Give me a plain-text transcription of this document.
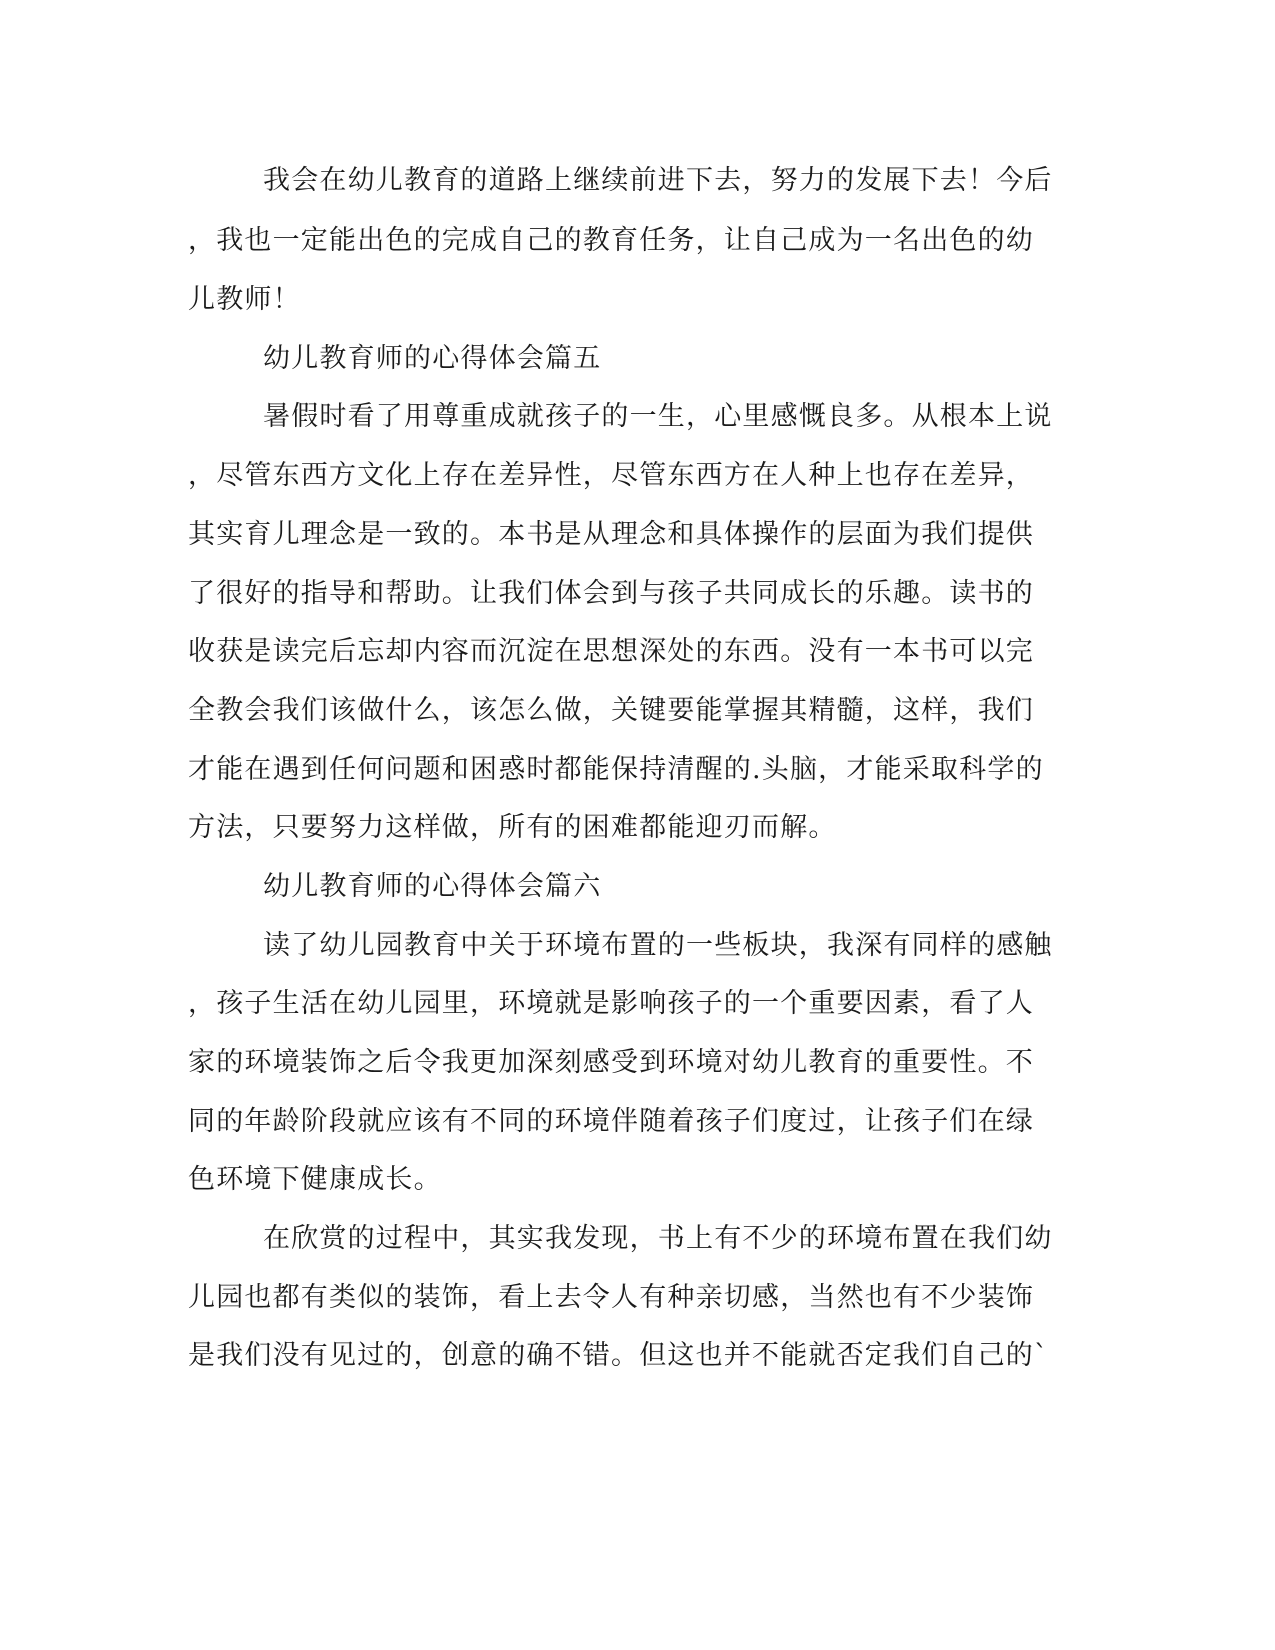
我会在幼儿教育的道路上继续前进下去，努力的发展下去！今后
，我也一定能出色的完成自己的教育任务，让自己成为一名出色的幼
儿教师！
幼儿教育师的心得体会篇五
暑假时看了用尊重成就孩子的一生，心里感慨良多。从根本上说
，尽管东西方文化上存在差异性，尽管东西方在人种上也存在差异，
其实育儿理念是一致的。本书是从理念和具体操作的层面为我们提供
了很好的指导和帮助。让我们体会到与孩子共同成长的乐趣。读书的
收获是读完后忘却内容而沉淀在思想深处的东西。没有一本书可以完
全教会我们该做什么，该怎么做，关键要能掌握其精髓，这样，我们
才能在遇到任何问题和困惑时都能保持清醒的.头脑，才能采取科学的
方法，只要努力这样做，所有的困难都能迎刃而解。
幼儿教育师的心得体会篇六
读了幼儿园教育中关于环境布置的一些板块，我深有同样的感触
，孩子生活在幼儿园里，环境就是影响孩子的一个重要因素，看了人
家的环境装饰之后令我更加深刻感受到环境对幼儿教育的重要性。不
同的年龄阶段就应该有不同的环境伴随着孩子们度过，让孩子们在绿
色环境下健康成长。
在欣赏的过程中，其实我发现，书上有不少的环境布置在我们幼
儿园也都有类似的装饰，看上去令人有种亲切感，当然也有不少装饰
是我们没有见过的，创意的确不错。但这也并不能就否定我们自己的`
